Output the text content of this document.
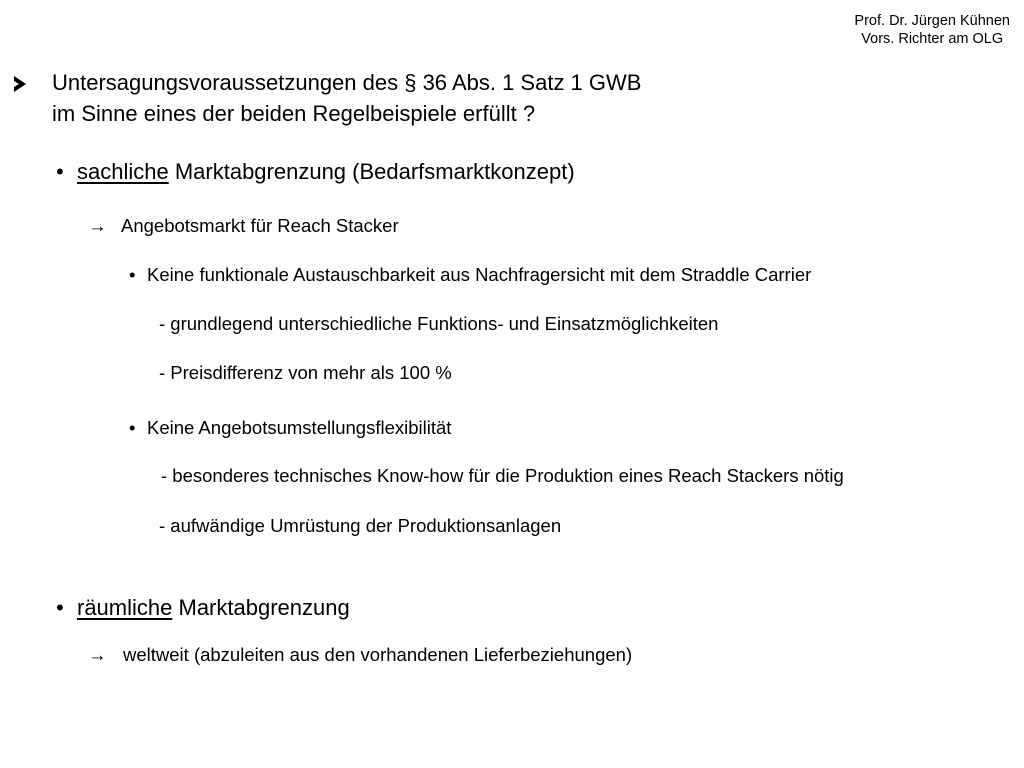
Prof. Dr. Jürgen Kühnen
Vors. Richter am OLG
Untersagungsvoraussetzungen des § 36 Abs. 1 Satz 1 GWB
im Sinne eines der beiden Regelbeispiele erfüllt ?
• sachliche Marktabgrenzung (Bedarfsmarktkonzept)
→ Angebotsmarkt für Reach Stacker
• Keine funktionale Austauschbarkeit aus Nachfragersicht mit dem Straddle Carrier
- grundlegend unterschiedliche Funktions- und Einsatzmöglichkeiten
- Preisdifferenz von mehr als 100 %
• Keine Angebotsumstellungsflexibilität
- besonderes technisches Know-how für die Produktion eines Reach Stackers nötig
- aufwändige Umrüstung der Produktionsanlagen
• räumliche Marktabgrenzung
→ weltweit (abzuleiten aus den vorhandenen Lieferbeziehungen)
